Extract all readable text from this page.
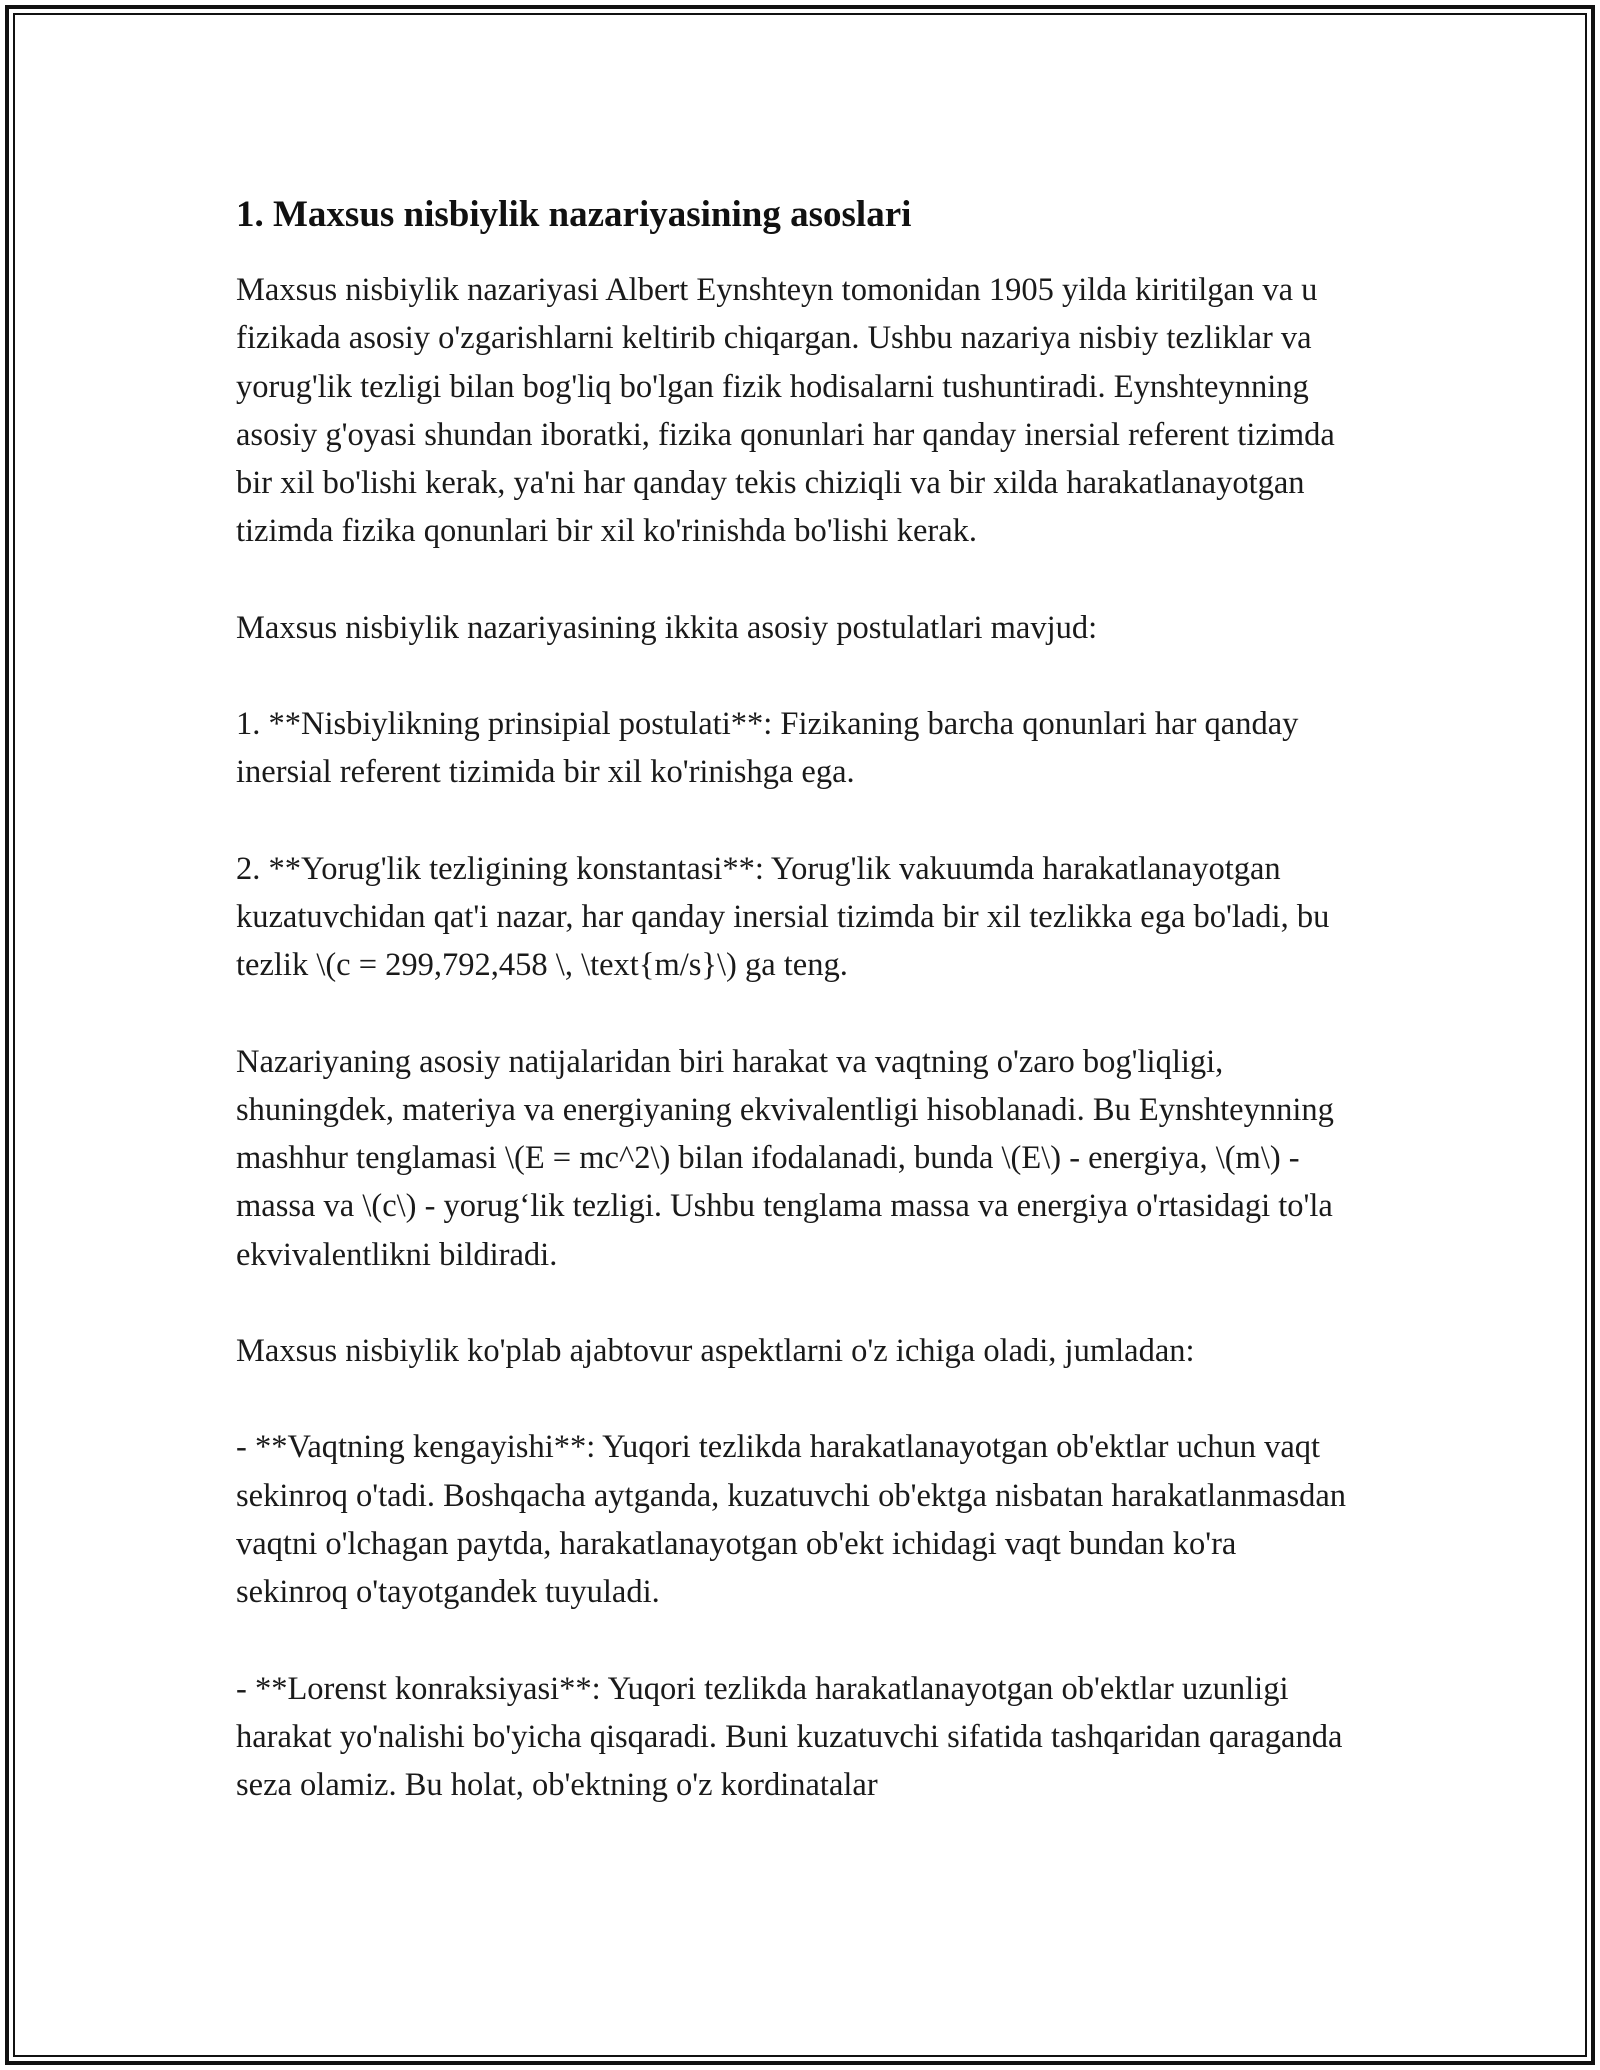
1. Maxsus nisbiylik nazariyasining asoslari

Maxsus nisbiylik nazariyasi Albert Eynshteyn tomonidan 1905 yilda kiritilgan va u fizikada asosiy o'zgarishlarni keltirib chiqargan. Ushbu nazariya nisbiy tezliklar va yorug'lik tezligi bilan bog'liq bo'lgan fizik hodisalarni tushuntiradi. Eynshteynning asosiy g'oyasi shundan iboratki, fizika qonunlari har qanday inersial referent tizimda bir xil bo'lishi kerak, ya'ni har qanday tekis chiziqli va bir xilda harakatlanayotgan tizimda fizika qonunlari bir xil ko'rinishda bo'lishi kerak.

Maxsus nisbiylik nazariyasining ikkita asosiy postulatlari mavjud:

1. **Nisbiylikning prinsipial postulati**: Fizikaning barcha qonunlari har qanday inersial referent tizimida bir xil ko'rinishga ega.

2. **Yorug'lik tezligining konstantasi**: Yorug'lik vakuumda harakatlanayotgan kuzatuvchidan qat'i nazar, har qanday inersial tizimda bir xil tezlikka ega bo'ladi, bu tezlik \(c = 299,792,458 \, \text{m/s}\) ga teng.

Nazariyaning asosiy natijalaridan biri harakat va vaqtning o'zaro bog'liqligi, shuningdek, materiya va energiyaning ekvivalentligi hisoblanadi. Bu Eynshteynning mashhur tenglamasi \(E = mc^2\) bilan ifodalanadi, bunda \(E\) - energiya, \(m\) - massa va \(c\) - yorug‘lik tezligi. Ushbu tenglama massa va energiya o'rtasidagi to'la ekvivalentlikni bildiradi.

Maxsus nisbiylik ko'plab ajabtovur aspektlarni o'z ichiga oladi, jumladan:

- **Vaqtning kengayishi**: Yuqori tezlikda harakatlanayotgan ob'ektlar uchun vaqt sekinroq o'tadi. Boshqacha aytganda, kuzatuvchi ob'ektga nisbatan harakatlanmasdan vaqtni o'lchagan paytda, harakatlanayotgan ob'ekt ichidagi vaqt bundan ko'ra sekinroq o'tayotgandek tuyuladi.

- **Lorenst konraksiyasi**: Yuqori tezlikda harakatlanayotgan ob'ektlar uzunligi harakat yo'nalishi bo'yicha qisqaradi. Buni kuzatuvchi sifatida tashqaridan qaraganda seza olamiz. Bu holat, ob'ektning o'z kordinatalar
